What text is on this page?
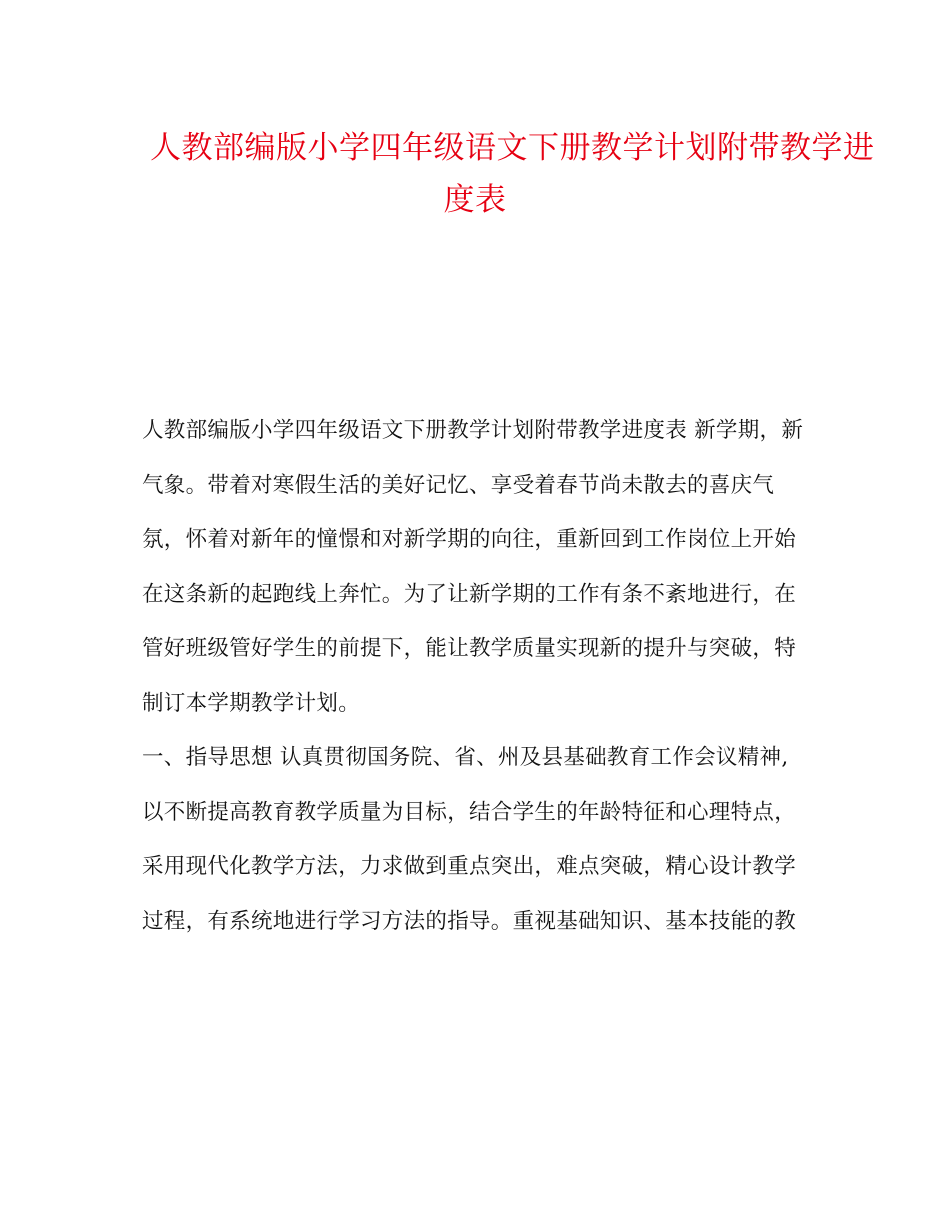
人教部编版小学四年级语文下册教学计划附带教学进
度表
人教部编版小学四年级语文下册教学计划附带教学进度表 新学期，新
气象。带着对寒假生活的美好记忆、享受着春节尚未散去的喜庆气
氛，怀着对新年的憧憬和对新学期的向往，重新回到工作岗位上开始
在这条新的起跑线上奔忙。为了让新学期的工作有条不紊地进行，在
管好班级管好学生的前提下，能让教学质量实现新的提升与突破，特
制订本学期教学计划。
一、指导思想 认真贯彻国务院、省、州及县基础教育工作会议精神,
以不断提高教育教学质量为目标，结合学生的年龄特征和心理特点，
采用现代化教学方法，力求做到重点突出，难点突破，精心设计教学
过程，有系统地进行学习方法的指导。重视基础知识、基本技能的教
